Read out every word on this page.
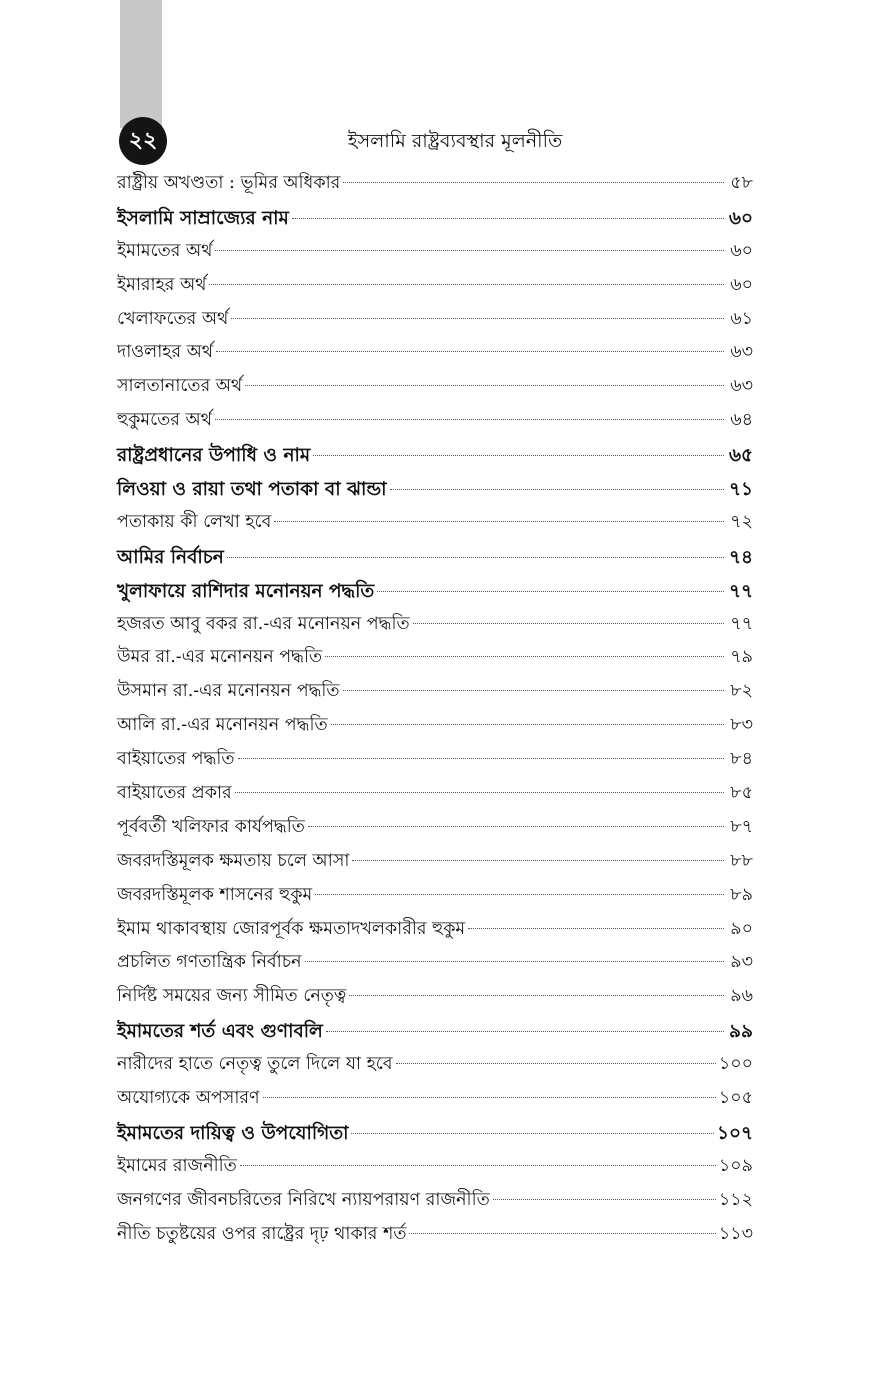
২২	ইসলামি রাষ্ট্রব্যবস্থার মূলনীতি
রাষ্ট্রীয় অখণ্ডতা : ভূমির অধিকার	৫৮
ইসলামি সাম্রাজ্যের নাম	৬০
ইমামতের অর্থ	৬০
ইমারাহর অর্থ	৬০
খেলাফতের অর্থ	৬১
দাওলাহর অর্থ	৬৩
সালতানাতের অর্থ	৬৩
হুকুমতের অর্থ	৬৪
রাষ্ট্রপ্রধানের উপাধি ও নাম	৬৫
লিওয়া ও রায়া তথা পতাকা বা ঝান্ডা	৭১
পতাকায় কী লেখা হবে	৭২
আমির নির্বাচন	৭৪
খুলাফায়ে রাশিদার মনোনয়ন পদ্ধতি	৭৭
হজরত আবু বকর রা.-এর মনোনয়ন পদ্ধতি	৭৭
উমর রা.-এর মনোনয়ন পদ্ধতি	৭৯
উসমান রা.-এর মনোনয়ন পদ্ধতি	৮২
আলি রা.-এর মনোনয়ন পদ্ধতি	৮৩
বাইয়াতের পদ্ধতি	৮৪
বাইয়াতের প্রকার	৮৫
পূর্ববর্তী খলিফার কার্যপদ্ধতি	৮৭
জবরদস্তিমূলক ক্ষমতায় চলে আসা	৮৮
জবরদস্তিমূলক শাসনের হুকুম	৮৯
ইমাম থাকাবস্থায় জোরপূর্বক ক্ষমতাদখলকারীর হুকুম	৯০
প্রচলিত গণতান্ত্রিক নির্বাচন	৯৩
নির্দিষ্ট সময়ের জন্য সীমিত নেতৃত্ব	৯৬
ইমামতের শর্ত এবং গুণাবলি	৯৯
নারীদের হাতে নেতৃত্ব তুলে দিলে যা হবে	১০০
অযোগ্যকে অপসারণ	১০৫
ইমামতের দায়িত্ব ও উপযোগিতা	১০৭
ইমামের রাজনীতি	১০৯
জনগণের জীবনচরিতের নিরিখে ন্যায়পরায়ণ রাজনীতি	১১২
নীতি চতুষ্টয়ের ওপর রাষ্ট্রের দৃঢ় থাকার শর্ত	১১৩
